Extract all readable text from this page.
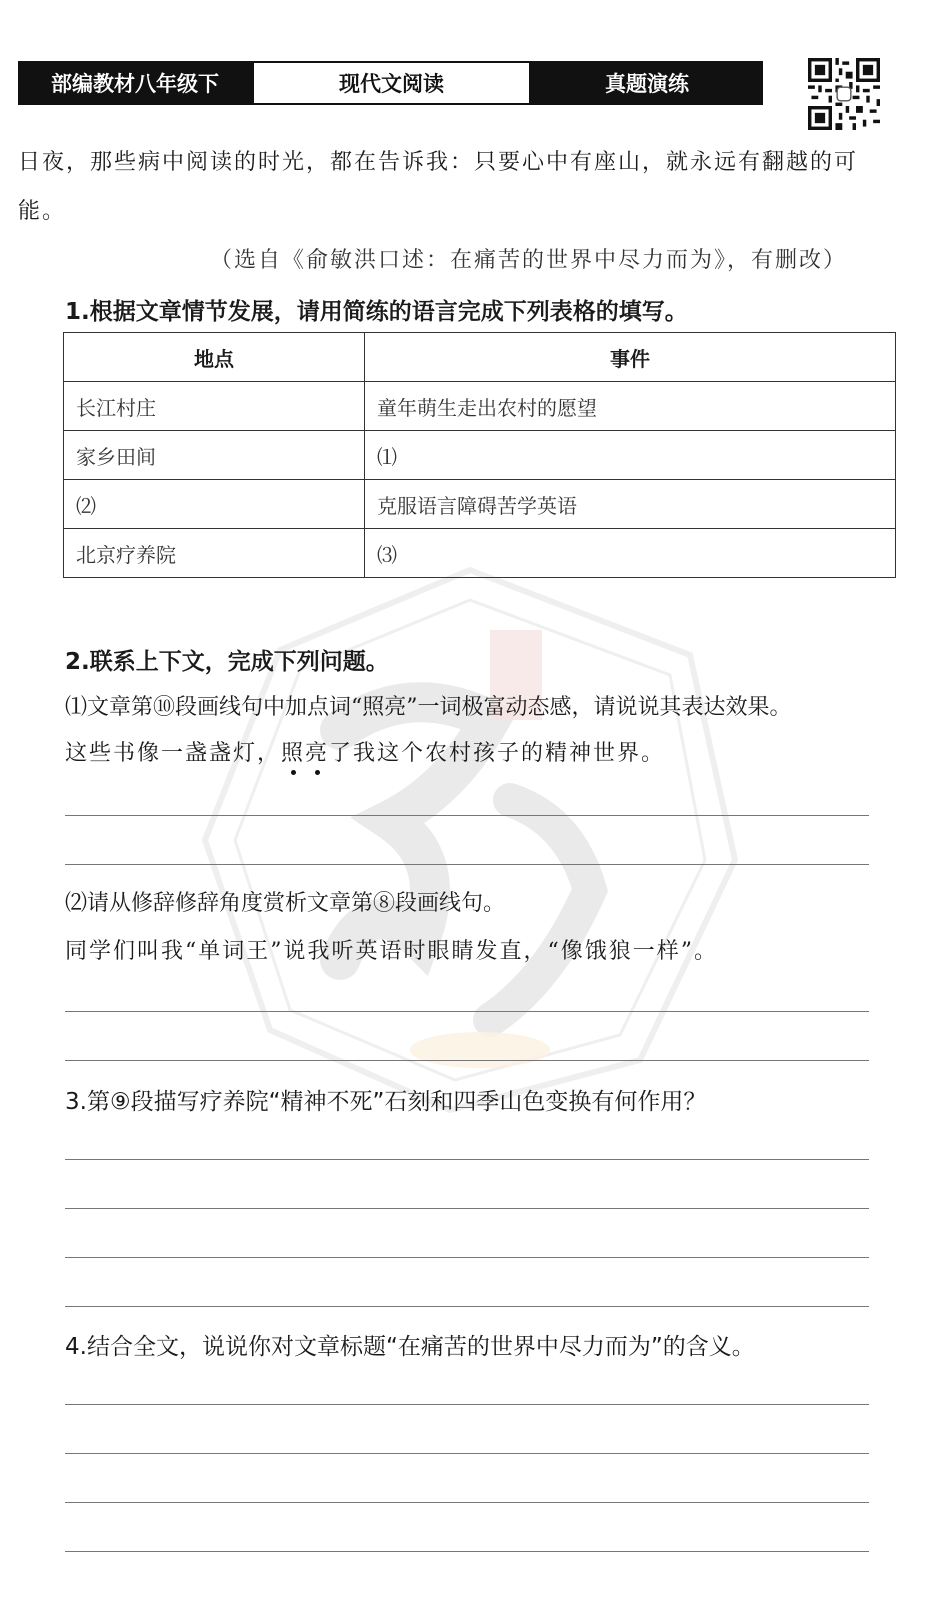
部编教材八年级下	现代文阅读	真题演练
日夜，那些病中阅读的时光，都在告诉我：只要心中有座山，就永远有翻越的可
能。
（选自《俞敏洪口述：在痛苦的世界中尽力而为》，有删改）
1.根据文章情节发展，请用简练的语言完成下列表格的填写。
地点	事件
长江村庄	童年萌生走出农村的愿望
家乡田间	⑴
⑵	克服语言障碍苦学英语
北京疗养院	⑶
2.联系上下文，完成下列问题。
⑴文章第⑩段画线句中加点词“照亮”一词极富动态感，请说说其表达效果。
这些书像一盏盏灯，照亮了我这个农村孩子的精神世界。
⑵请从修辞修辞角度赏析文章第⑧段画线句。
同学们叫我“单词王”说我听英语时眼睛发直，“像饿狼一样”。
3.第⑨段描写疗养院“精神不死”石刻和四季山色变换有何作用？
4.结合全文，说说你对文章标题“在痛苦的世界中尽力而为”的含义。
